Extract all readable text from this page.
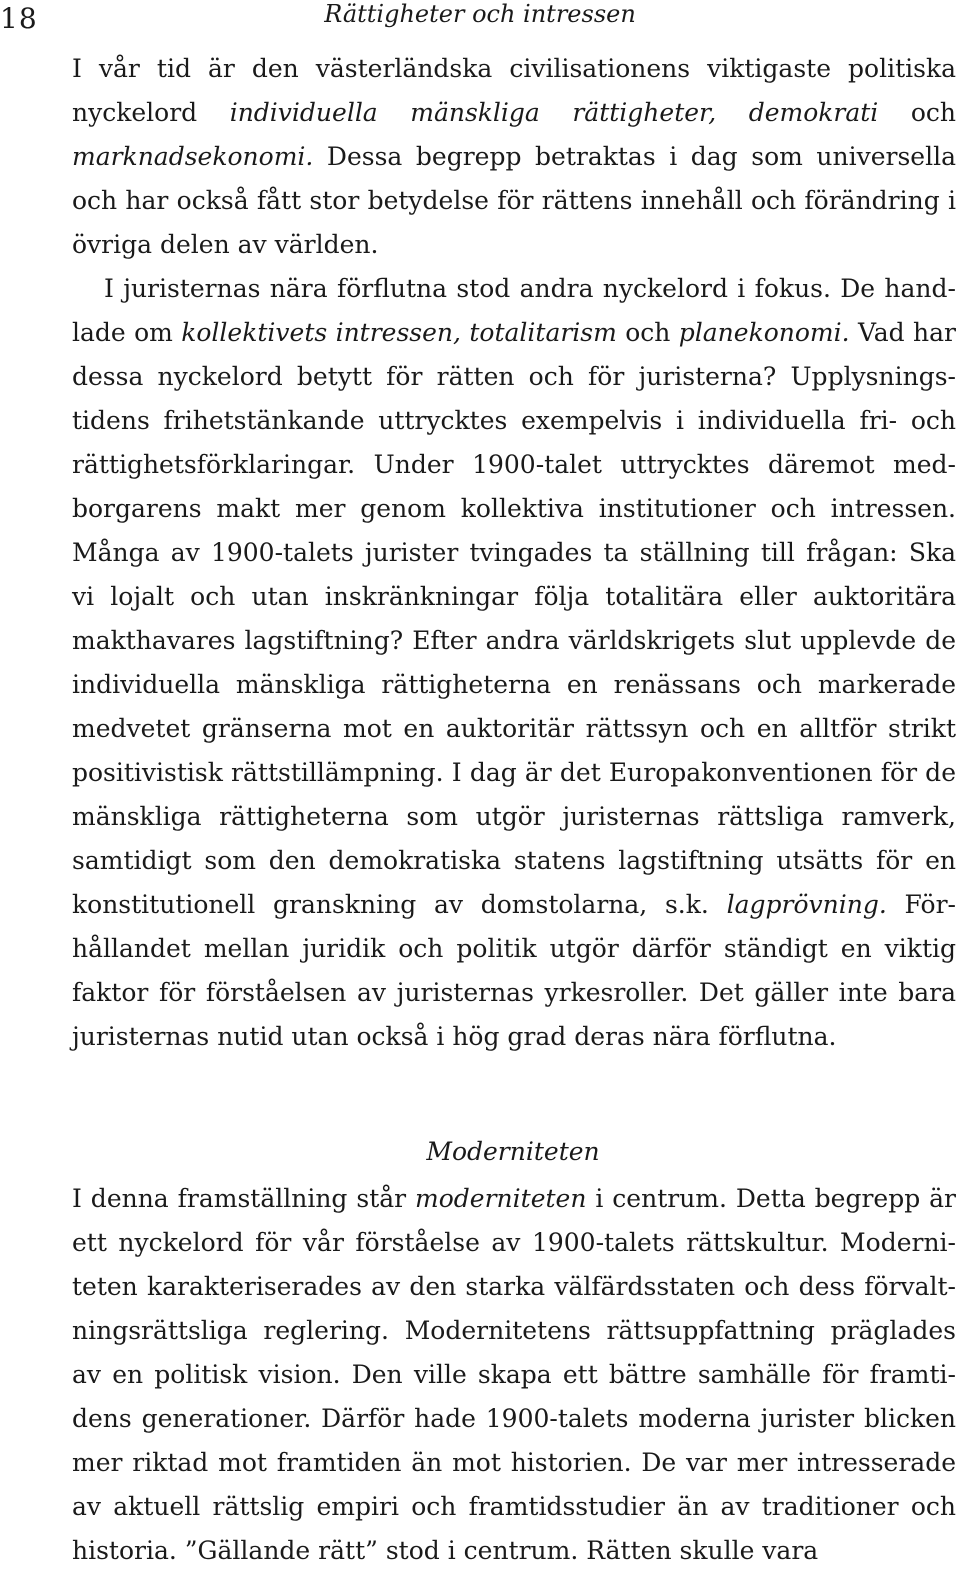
18	Rättigheter och intressen

I vår tid är den västerländska civilisationens viktigaste politiska nyckelord individuella mänskliga rättigheter, demokrati och marknadsekonomi. Dessa begrepp betraktas i dag som universella och har också fått stor betydelse för rättens innehåll och förändring i övriga delen av världen.

I juristernas nära förflutna stod andra nyckelord i fokus. De handlade om kollektivets intressen, totalitarism och planekonomi. Vad har dessa nyckelord betytt för rätten och för juristerna? Upplysningstidens frihetstänkande uttrycktes exempelvis i individuella fri- och rättighetsförklaringar. Under 1900-talet uttrycktes däremot medborgarens makt mer genom kollektiva institutioner och intressen. Många av 1900-talets jurister tvingades ta ställning till frågan: Ska vi lojalt och utan inskränkningar följa totalitära eller auktoritära makthavares lagstiftning? Efter andra världskrigets slut upplevde de individuella mänskliga rättigheterna en renässans och markerade medvetet gränserna mot en auktoritär rättssyn och en alltför strikt positivistisk rättstillämpning. I dag är det Europakonventionen för de mänskliga rättigheterna som utgör juristernas rättsliga ramverk, samtidigt som den demokratiska statens lagstiftning utsätts för en konstitutionell granskning av domstolarna, s.k. lagprövning. Förhållandet mellan juridik och politik utgör därför ständigt en viktig faktor för förståelsen av juristernas yrkesroller. Det gäller inte bara juristernas nutid utan också i hög grad deras nära förflutna.

Moderniteten

I denna framställning står moderniteten i centrum. Detta begrepp är ett nyckelord för vår förståelse av 1900-talets rättskultur. Moderniteten karakteriserades av den starka välfärdsstaten och dess förvaltningsrättsliga reglering. Modernitetens rättsuppfattning präglades av en politisk vision. Den ville skapa ett bättre samhälle för framtidens generationer. Därför hade 1900-talets moderna jurister blicken mer riktad mot framtiden än mot historien. De var mer intresserade av aktuell rättslig empiri och framtidsstudier än av traditioner och historia. ”Gällande rätt” stod i centrum. Rätten skulle vara
